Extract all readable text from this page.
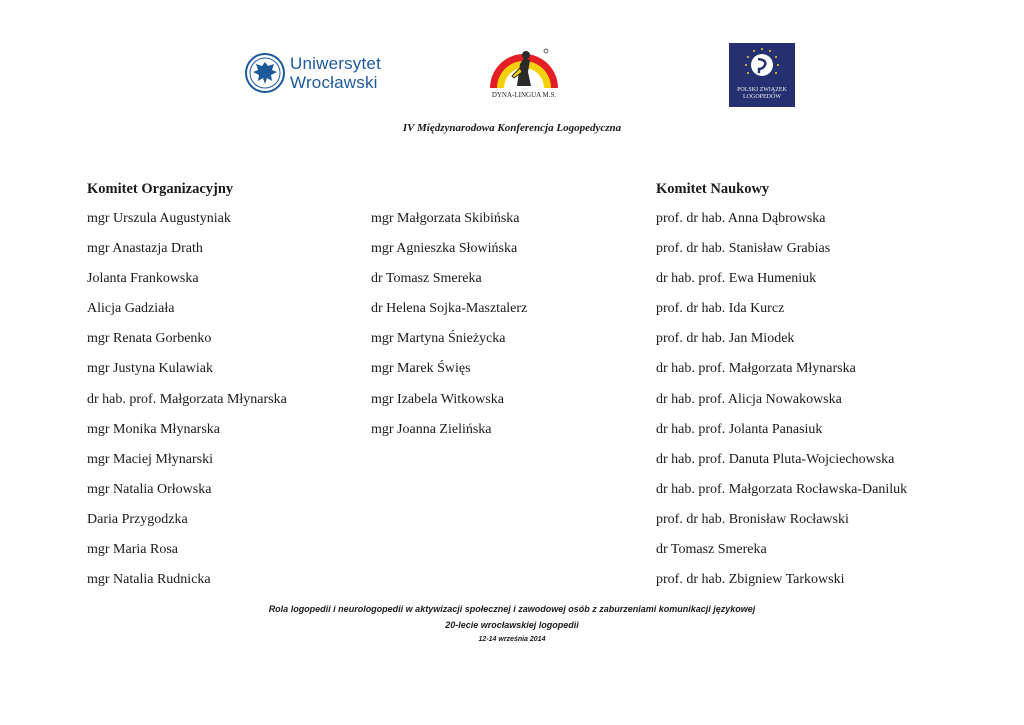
Uniwersytet
Wrocławski
DYNA-LINGUA M.S.
POLSKI ZWIĄZEK
LOGOPEDÓW
IV Międzynarodowa Konferencja Logopedyczna
Komitet Organizacyjny
mgr Urszula Augustyniak
mgr Anastazja Drath
Jolanta Frankowska
Alicja Gadziała
mgr Renata Gorbenko
mgr Justyna Kulawiak
dr hab. prof. Małgorzata Młynarska
mgr Monika Młynarska
mgr Maciej Młynarski
mgr Natalia Orłowska
Daria Przygodzka
mgr Maria Rosa
mgr Natalia Rudnicka
mgr Małgorzata Skibińska
mgr Agnieszka Słowińska
dr Tomasz Smereka
dr Helena Sojka-Masztalerz
mgr Martyna Śnieżycka
mgr Marek Święs
mgr Izabela Witkowska
mgr Joanna Zielińska
Komitet Naukowy
prof. dr hab. Anna Dąbrowska
prof. dr hab. Stanisław Grabias
dr hab. prof. Ewa Humeniuk
prof. dr hab. Ida Kurcz
prof. dr hab. Jan Miodek
dr hab. prof. Małgorzata Młynarska
dr hab. prof. Alicja Nowakowska
dr hab. prof. Jolanta Panasiuk
dr hab. prof. Danuta Pluta-Wojciechowska
dr hab. prof. Małgorzata Rocławska-Daniluk
prof. dr hab. Bronisław Rocławski
dr Tomasz Smereka
prof. dr hab. Zbigniew Tarkowski
Rola logopedii i neurologopedii w aktywizacji społecznej i zawodowej osób z zaburzeniami komunikacji językowej
20-lecie wrocławskiej logopedii
12-14 września 2014
